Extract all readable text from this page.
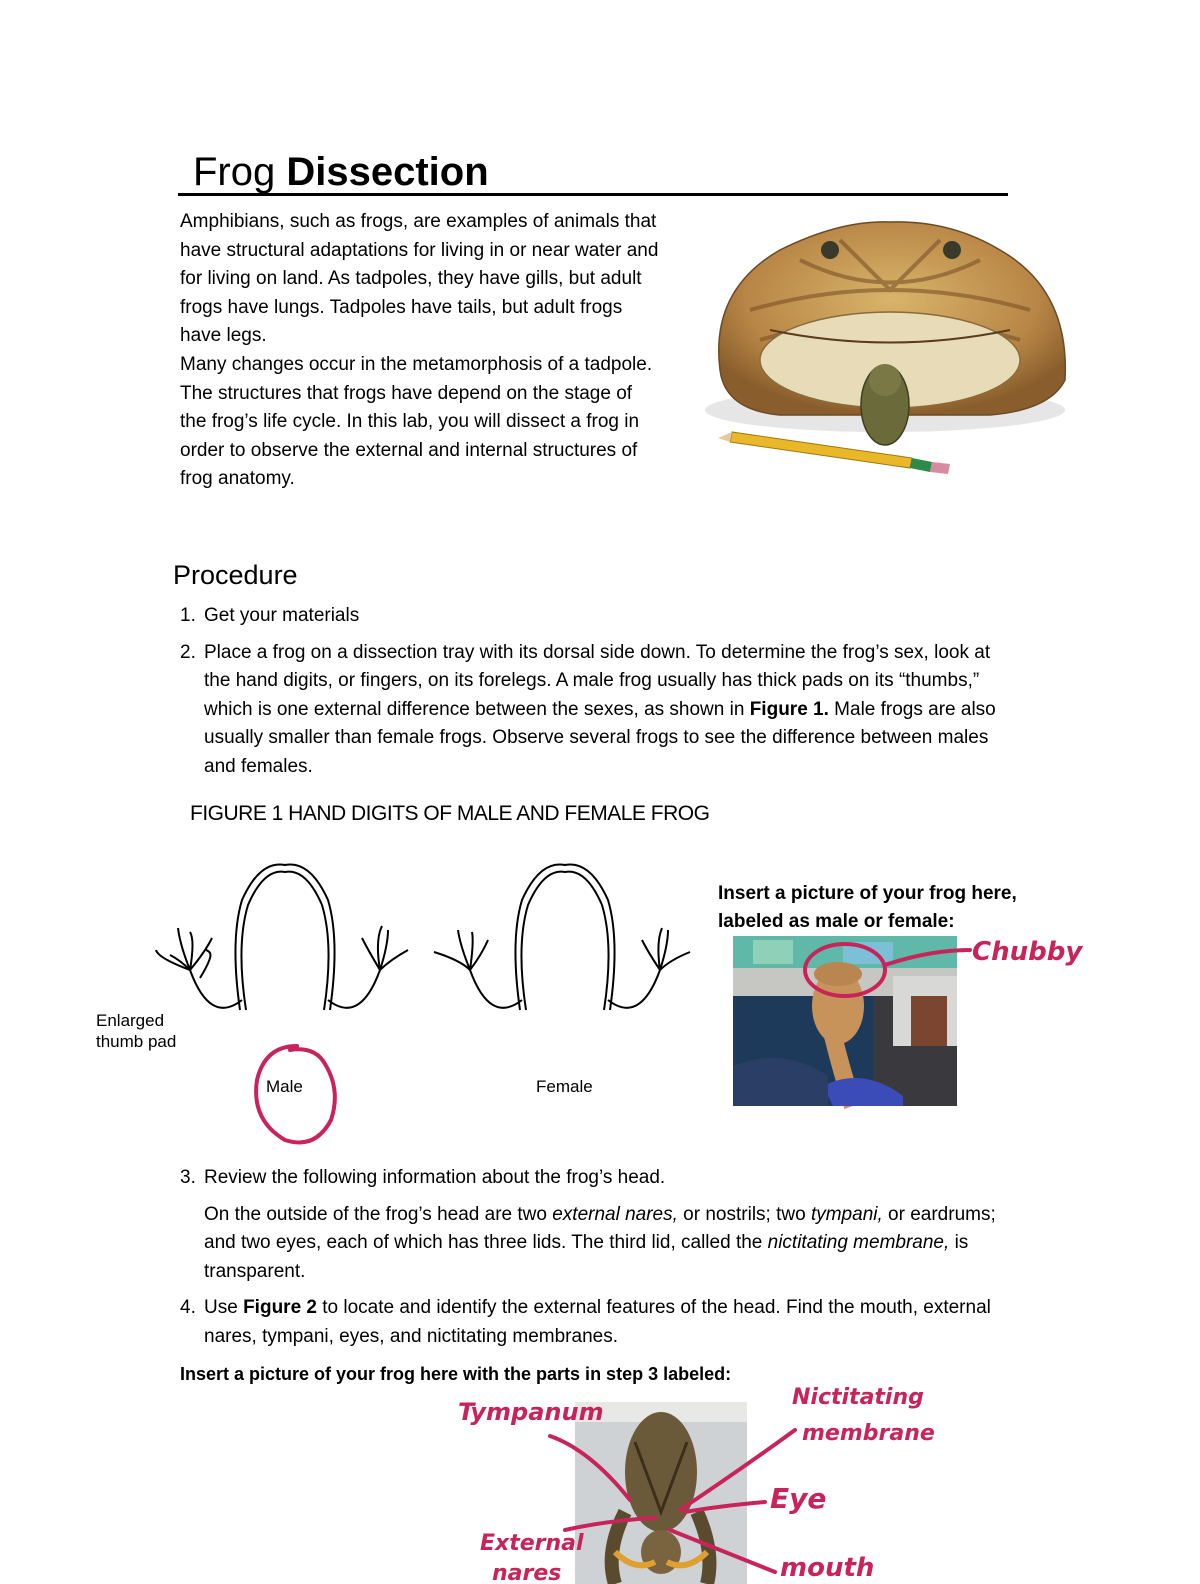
Frog Dissection

Amphibians, such as frogs, are examples of animals that have structural adaptations for living in or near water and for living on land. As tadpoles, they have gills, but adult frogs have lungs. Tadpoles have tails, but adult frogs have legs.

Many changes occur in the metamorphosis of a tadpole. The structures that frogs have depend on the stage of the frog’s life cycle. In this lab, you will dissect a frog in order to observe the external and internal structures of frog anatomy.

Procedure
1. Get your materials
2. Place a frog on a dissection tray with its dorsal side down. To determine the frog’s sex, look at the hand digits, or fingers, on its forelegs. A male frog usually has thick pads on its “thumbs,” which is one external difference between the sexes, as shown in Figure 1. Male frogs are also usually smaller than female frogs. Observe several frogs to see the difference between males and females.
FIGURE 1 HAND DIGITS OF MALE AND FEMALE FROG
Enlarged
thumb pad
Male	Female
Insert a picture of your frog here,
labeled as male or female:
Chubby
3. Review the following information about the frog’s head.
On the outside of the frog’s head are two external nares, or nostrils; two tympani, or eardrums; and two eyes, each of which has three lids. The third lid, called the nictitating membrane, is transparent.
4. Use Figure 2 to locate and identify the external features of the head. Find the mouth, external nares, tympani, eyes, and nictitating membranes.
Insert a picture of your frog here with the parts in step 3 labeled:
Tympanum
Nictitating
membrane
Eye
External
nares	mouth
